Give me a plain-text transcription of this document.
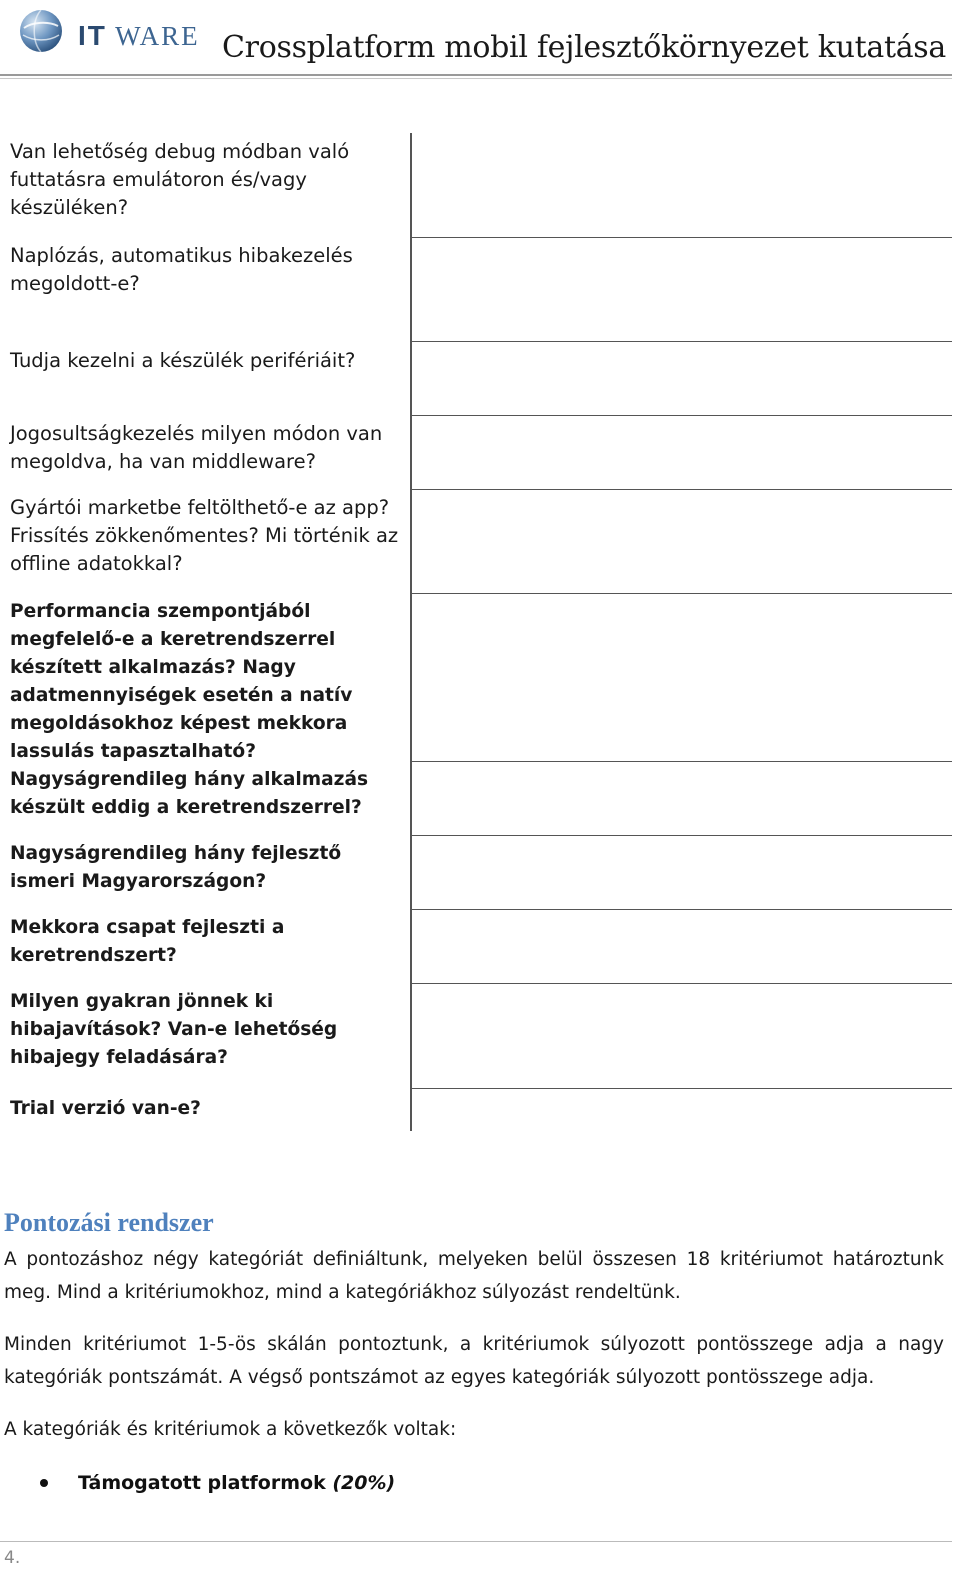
IT WARE Crossplatform mobil fejlesztőkörnyezet kutatása
Van lehetőség debug módban való futtatásra emulátoron és/vagy készüléken?
Naplózás, automatikus hibakezelés megoldott-e?
Tudja kezelni a készülék perifériáit?
Jogosultságkezelés milyen módon van megoldva, ha van middleware?
Gyártói marketbe feltölthető-e az app? Frissítés zökkenőmentes? Mi történik az offline adatokkal?
Performancia szempontjából megfelelő-e a keretrendszerrel készített alkalmazás? Nagy adatmennyiségek esetén a natív megoldásokhoz képest mekkora lassulás tapasztalható?
Nagyságrendileg hány alkalmazás készült eddig a keretrendszerrel?
Nagyságrendileg hány fejlesztő ismeri Magyarországon?
Mekkora csapat fejleszti a keretrendszert?
Milyen gyakran jönnek ki hibajavítások? Van-e lehetőség hibajegy feladására?
Trial verzió van-e?
Pontozási rendszer
A pontozáshoz négy kategóriát definiáltunk, melyeken belül összesen 18 kritériumot határoztunk meg. Mind a kritériumokhoz, mind a kategóriákhoz súlyozást rendeltünk.
Minden kritériumot 1-5-ös skálán pontoztunk, a kritériumok súlyozott pontösszege adja a nagy kategóriák pontszámát. A végső pontszámot az egyes kategóriák súlyozott pontösszege adja.
A kategóriák és kritériumok a következők voltak:
Támogatott platformok (20%)
4.
